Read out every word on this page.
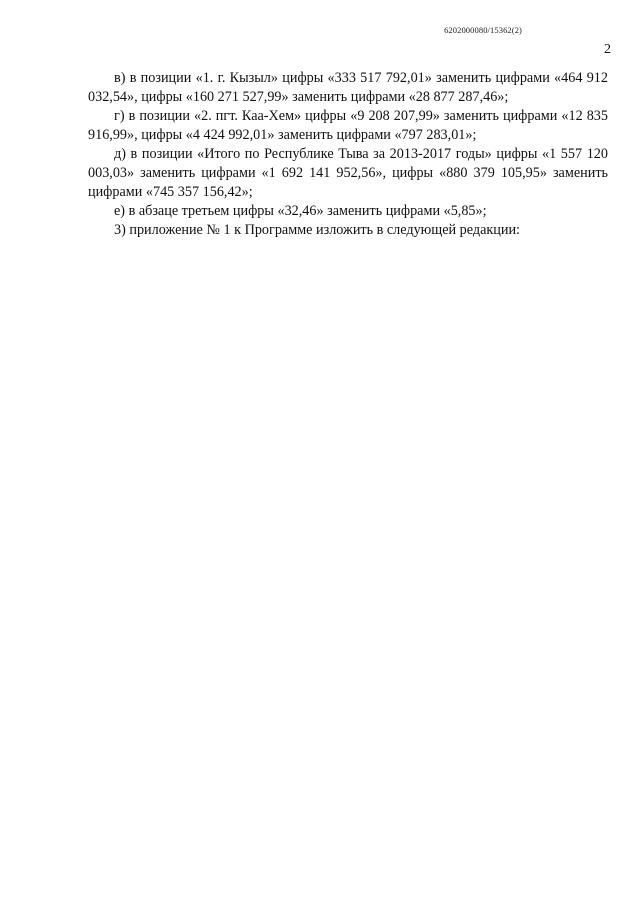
6202000080/15362(2)
2

в) в позиции «1. г. Кызыл» цифры «333 517 792,01» заменить цифрами «464 912 032,54», цифры «160 271 527,99» заменить цифрами «28 877 287,46»;

г) в позиции «2. пгт. Каа-Хем» цифры «9 208 207,99» заменить цифрами «12 835 916,99», цифры «4 424 992,01» заменить цифрами «797 283,01»;

д) в позиции «Итого по Республике Тыва за 2013-2017 годы» цифры «1 557 120 003,03» заменить цифрами «1 692 141 952,56», цифры «880 379 105,95» заменить цифрами «745 357 156,42»;

е) в абзаце третьем цифры «32,46» заменить цифрами «5,85»;

3) приложение № 1 к Программе изложить в следующей редакции:
